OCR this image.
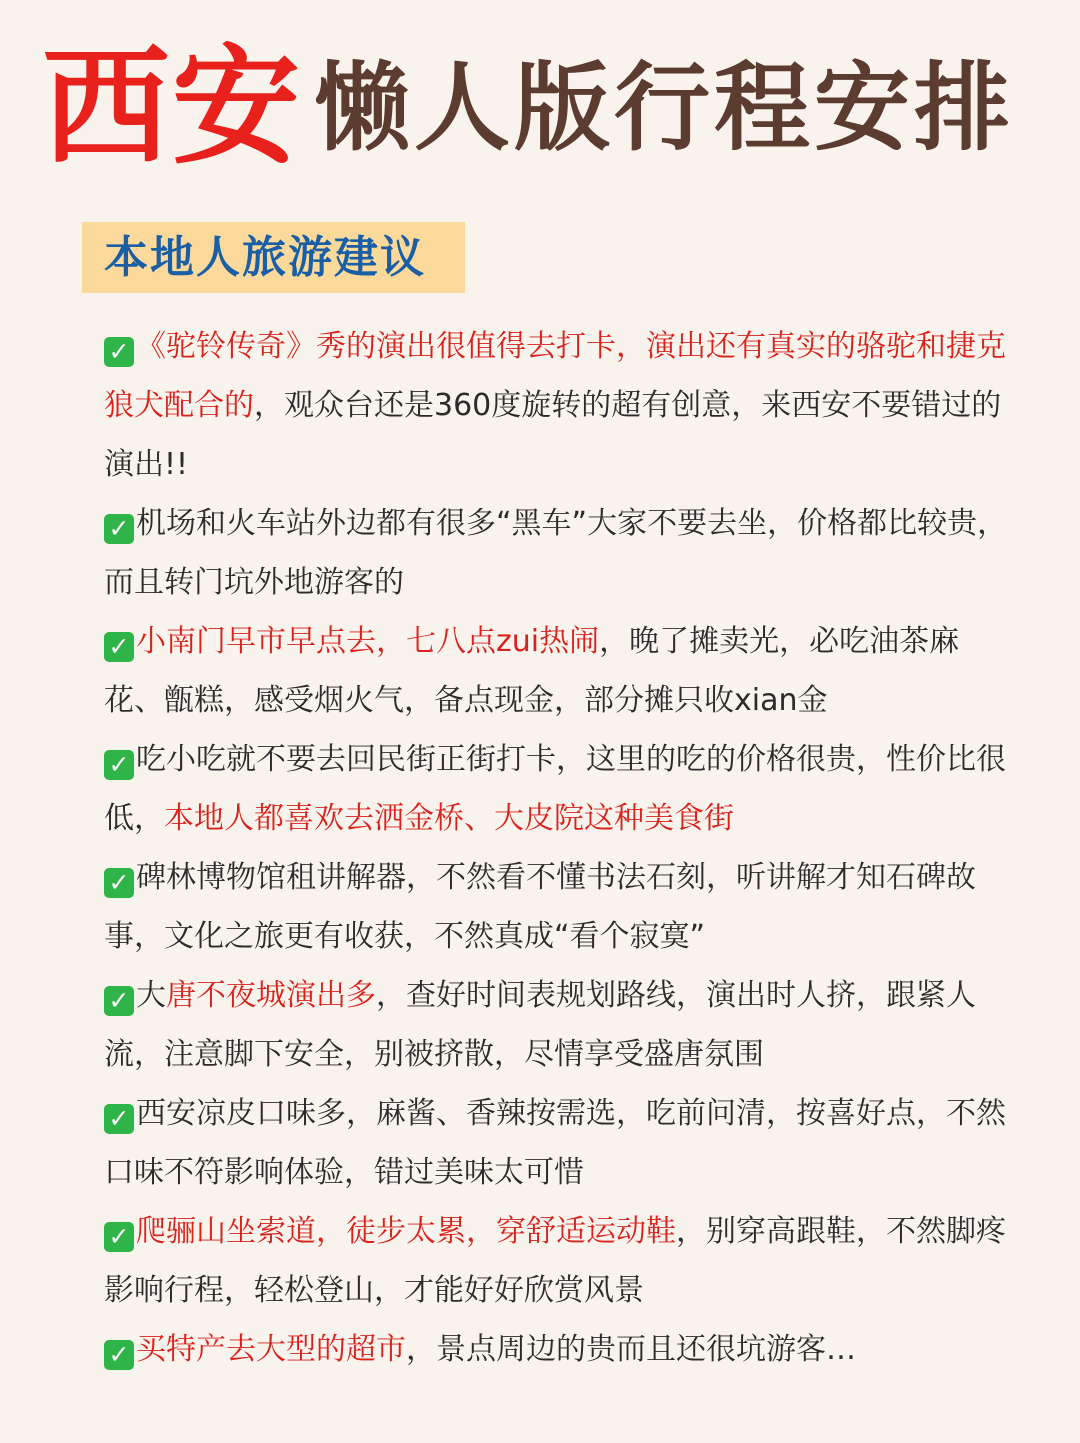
西安 懒人版行程安排
本地人旅游建议

✓ 《驼铃传奇》秀的演出很值得去打卡，演出还有真实的骆驼和捷克狼犬配合的，观众台还是360度旋转的超有创意，来西安不要错过的演出!!

✓ 机场和火车站外边都有很多“黑车”大家不要去坐，价格都比较贵，而且转门坑外地游客的

✓ 小南门早市早点去，七八点zui热闹，晚了摊卖光，必吃油茶麻花、甑糕，感受烟火气，备点现金，部分摊只收xian金

✓ 吃小吃就不要去回民街正街打卡，这里的吃的价格很贵，性价比很低，本地人都喜欢去洒金桥、大皮院这种美食街

✓ 碑林博物馆租讲解器，不然看不懂书法石刻，听讲解才知石碑故事，文化之旅更有收获，不然真成“看个寂寞”

✓ 大唐不夜城演出多，查好时间表规划路线，演出时人挤，跟紧人流，注意脚下安全，别被挤散，尽情享受盛唐氛围

✓ 西安凉皮口味多，麻酱、香辣按需选，吃前问清，按喜好点，不然口味不符影响体验，错过美味太可惜

✓ 爬骊山坐索道，徒步太累，穿舒适运动鞋，别穿高跟鞋，不然脚疼影响行程，轻松登山，才能好好欣赏风景

✓ 买特产去大型的超市，景点周边的贵而且还很坑游客…
